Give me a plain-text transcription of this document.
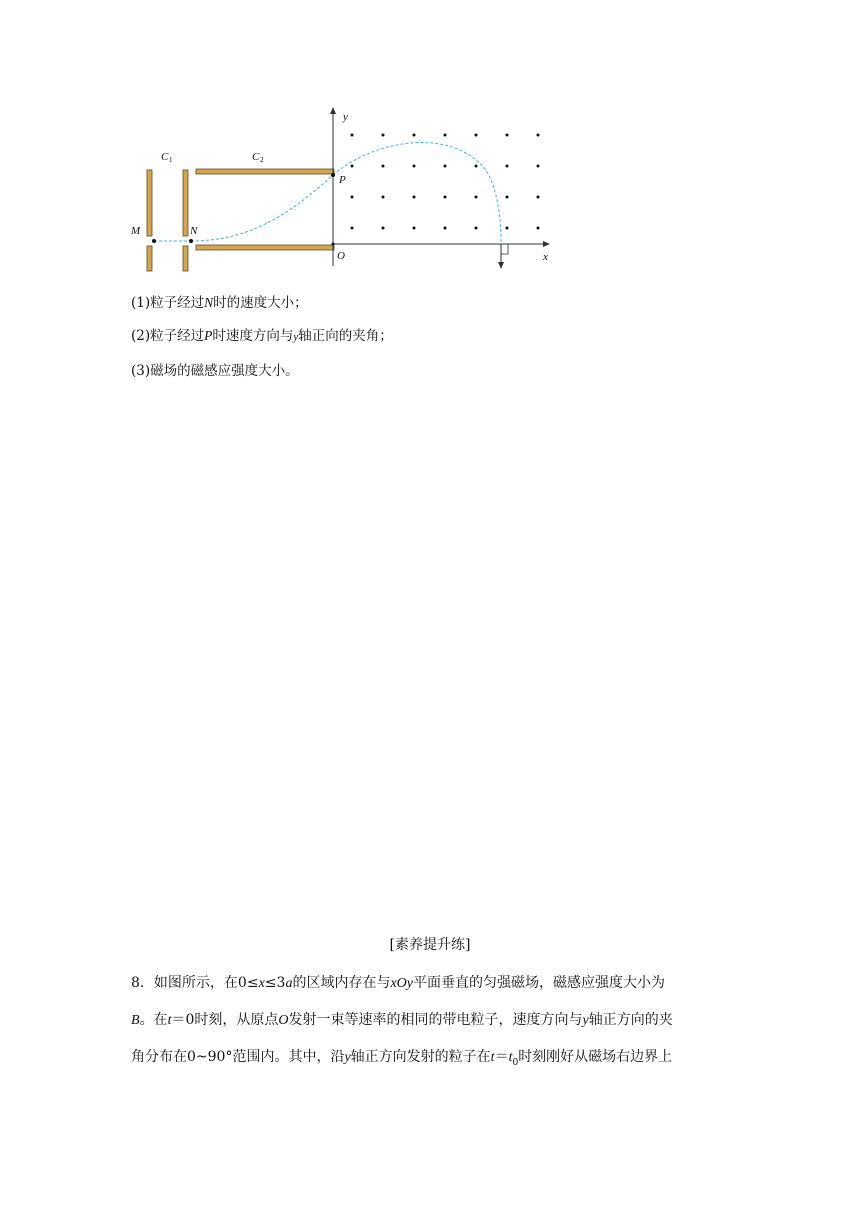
y
x
O
P
M	N
C 1	C 2
(1)粒子经过N时的速度大小；
(2)粒子经过P时速度方向与y轴正向的夹角；
(3)磁场的磁感应强度大小。
[素养提升练]
8．如图所示，在0≤x≤3a的区域内存在与xOy平面垂直的匀强磁场，磁感应强度大小为
B。在t＝0时刻，从原点O发射一束等速率的相同的带电粒子，速度方向与y轴正方向的夹
角分布在0~90°范围内。其中，沿y轴正方向发射的粒子在$t=t_0$时刻刚好从磁场右边界上
